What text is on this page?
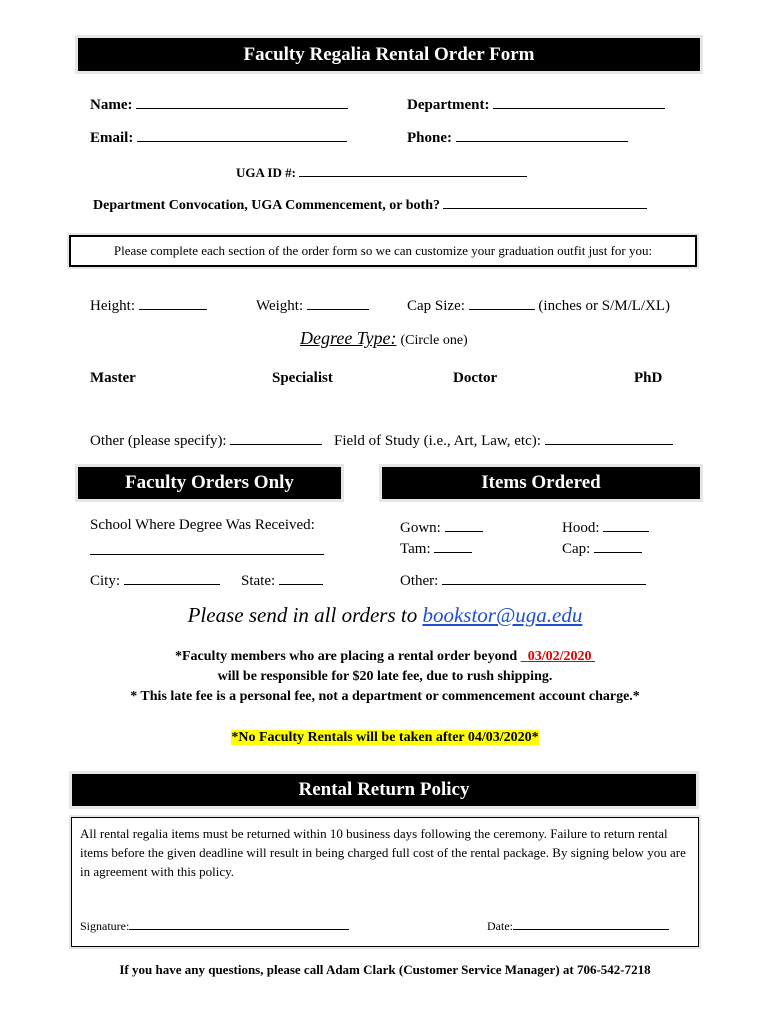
Faculty Regalia Rental Order Form
Name:	Department:
Email:	Phone:
UGA ID #:
Department Convocation, UGA Commencement, or both?
Please complete each section of the order form so we can customize your graduation outfit just for you:
Height:	Weight:	Cap Size:	(inches or S/M/L/XL)
Degree Type: (Circle one)
Master	Specialist	Doctor	PhD
Other (please specify):	Field of Study (i.e., Art, Law, etc):
Faculty Orders Only	Items Ordered
School Where Degree Was Received:
City:	State:
Gown:	Hood:
Tam:	Cap:
Other:
Please send in all orders to bookstor@uga.edu
*Faculty members who are placing a rental order beyond 03/02/2020
will be responsible for $20 late fee, due to rush shipping.
* This late fee is a personal fee, not a department or commencement account charge.*
*No Faculty Rentals will be taken after 04/03/2020*
Rental Return Policy
All rental regalia items must be returned within 10 business days following the ceremony. Failure to return rental items before the given deadline will result in being charged full cost of the rental package. By signing below you are in agreement with this policy.
Signature:	Date:
If you have any questions, please call Adam Clark (Customer Service Manager) at 706-542-7218
